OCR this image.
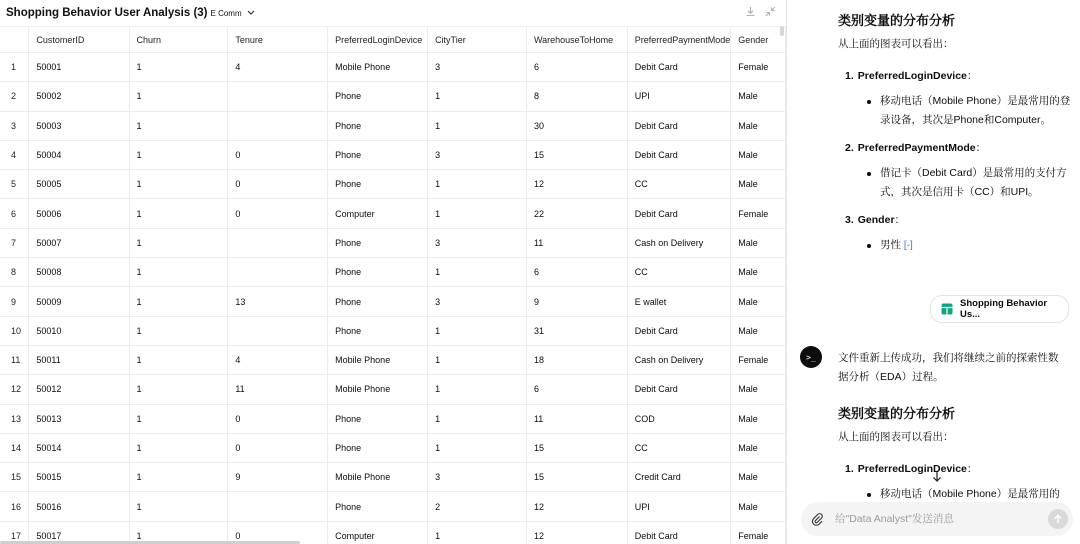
Shopping Behavior User Analysis (3) E Comm
	CustomerID	Churn	Tenure	PreferredLoginDevice	CityTier	WarehouseToHome	PreferredPaymentMode	Gender
1	50001	1	4	Mobile Phone	3	6	Debit Card	Female
2	50002	1		Phone	1	8	UPI	Male
3	50003	1		Phone	1	30	Debit Card	Male
4	50004	1	0	Phone	3	15	Debit Card	Male
5	50005	1	0	Phone	1	12	CC	Male
6	50006	1	0	Computer	1	22	Debit Card	Female
7	50007	1		Phone	3	11	Cash on Delivery	Male
8	50008	1		Phone	1	6	CC	Male
9	50009	1	13	Phone	3	9	E wallet	Male
10	50010	1		Phone	1	31	Debit Card	Male
11	50011	1	4	Mobile Phone	1	18	Cash on Delivery	Female
12	50012	1	11	Mobile Phone	1	6	Debit Card	Male
13	50013	1	0	Phone	1	11	COD	Male
14	50014	1	0	Phone	1	15	CC	Male
15	50015	1	9	Mobile Phone	3	15	Credit Card	Male
16	50016	1		Phone	2	12	UPI	Male
17	50017	1	0	Computer	1	12	Debit Card	Female
类别变量的分布分析
从上面的图表可以看出：
1. PreferredLoginDevice：
移动电话（Mobile Phone）是最常用的登录设备，其次是Phone和Computer。
2. PreferredPaymentMode：
借记卡（Debit Card）是最常用的支付方式，其次是信用卡（CC）和UPI。
3. Gender：
男性 [-]
Shopping Behavior Us...
>_	文件重新上传成功，我们将继续之前的探索性数据分析（EDA）过程。
类别变量的分布分析
从上面的图表可以看出：
1. PreferredLoginDevice：
移动电话（Mobile Phone）是最常用的
给"Data Analyst"发送消息
